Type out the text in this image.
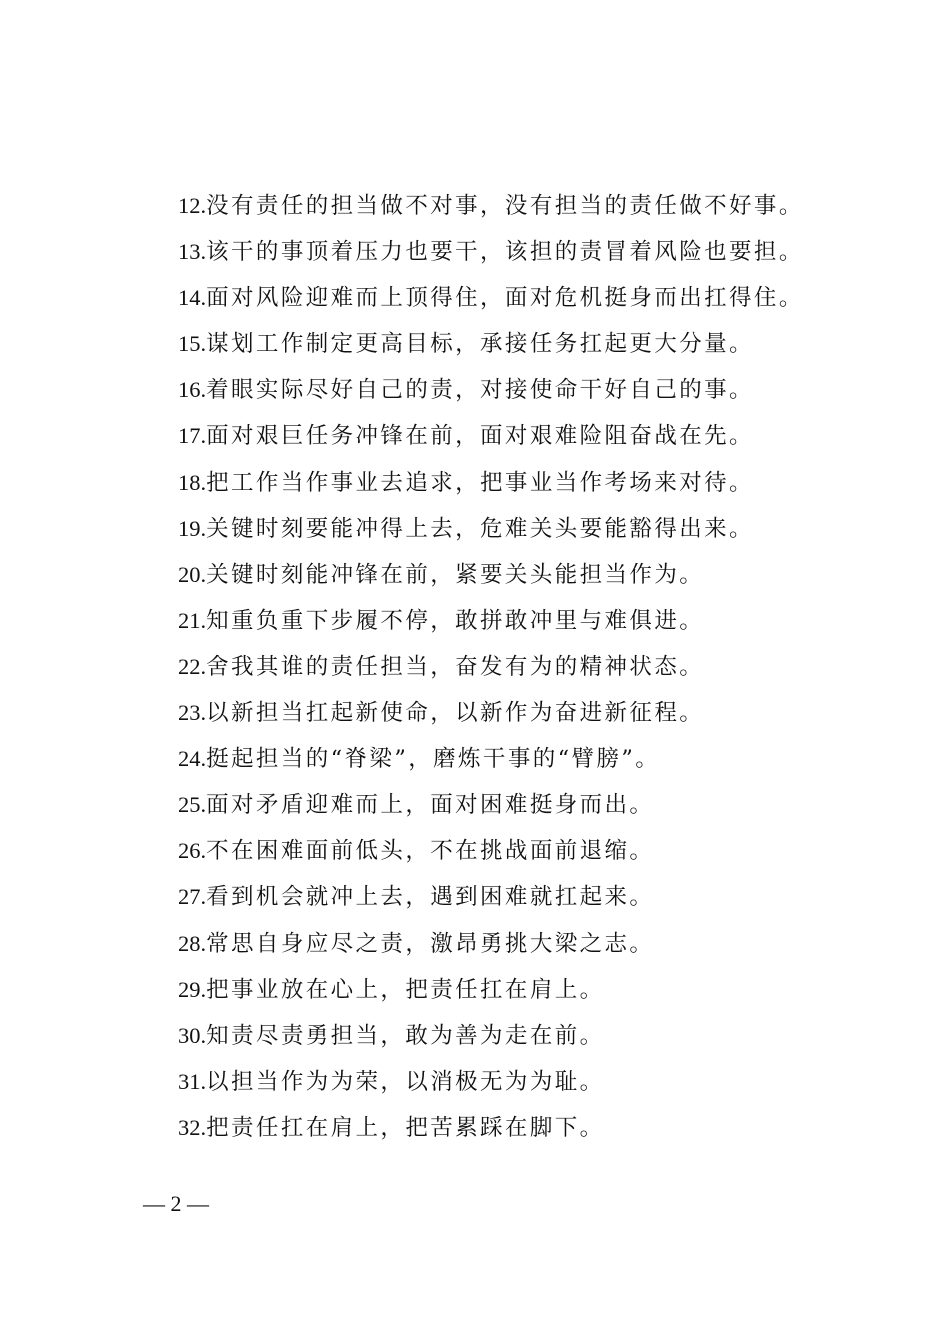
12.没有责任的担当做不对事，没有担当的责任做不好事。
13.该干的事顶着压力也要干，该担的责冒着风险也要担。
14.面对风险迎难而上顶得住，面对危机挺身而出扛得住。
15.谋划工作制定更高目标，承接任务扛起更大分量。
16.着眼实际尽好自己的责，对接使命干好自己的事。
17.面对艰巨任务冲锋在前，面对艰难险阻奋战在先。
18.把工作当作事业去追求，把事业当作考场来对待。
19.关键时刻要能冲得上去，危难关头要能豁得出来。
20.关键时刻能冲锋在前，紧要关头能担当作为。
21.知重负重下步履不停，敢拼敢冲里与难俱进。
22.舍我其谁的责任担当，奋发有为的精神状态。
23.以新担当扛起新使命，以新作为奋进新征程。
24.挺起担当的“脊梁”，磨炼干事的“臂膀”。
25.面对矛盾迎难而上，面对困难挺身而出。
26.不在困难面前低头，不在挑战面前退缩。
27.看到机会就冲上去，遇到困难就扛起来。
28.常思自身应尽之责，激昂勇挑大梁之志。
29.把事业放在心上，把责任扛在肩上。
30.知责尽责勇担当，敢为善为走在前。
31.以担当作为为荣，以消极无为为耻。
32.把责任扛在肩上，把苦累踩在脚下。
— 2 —
